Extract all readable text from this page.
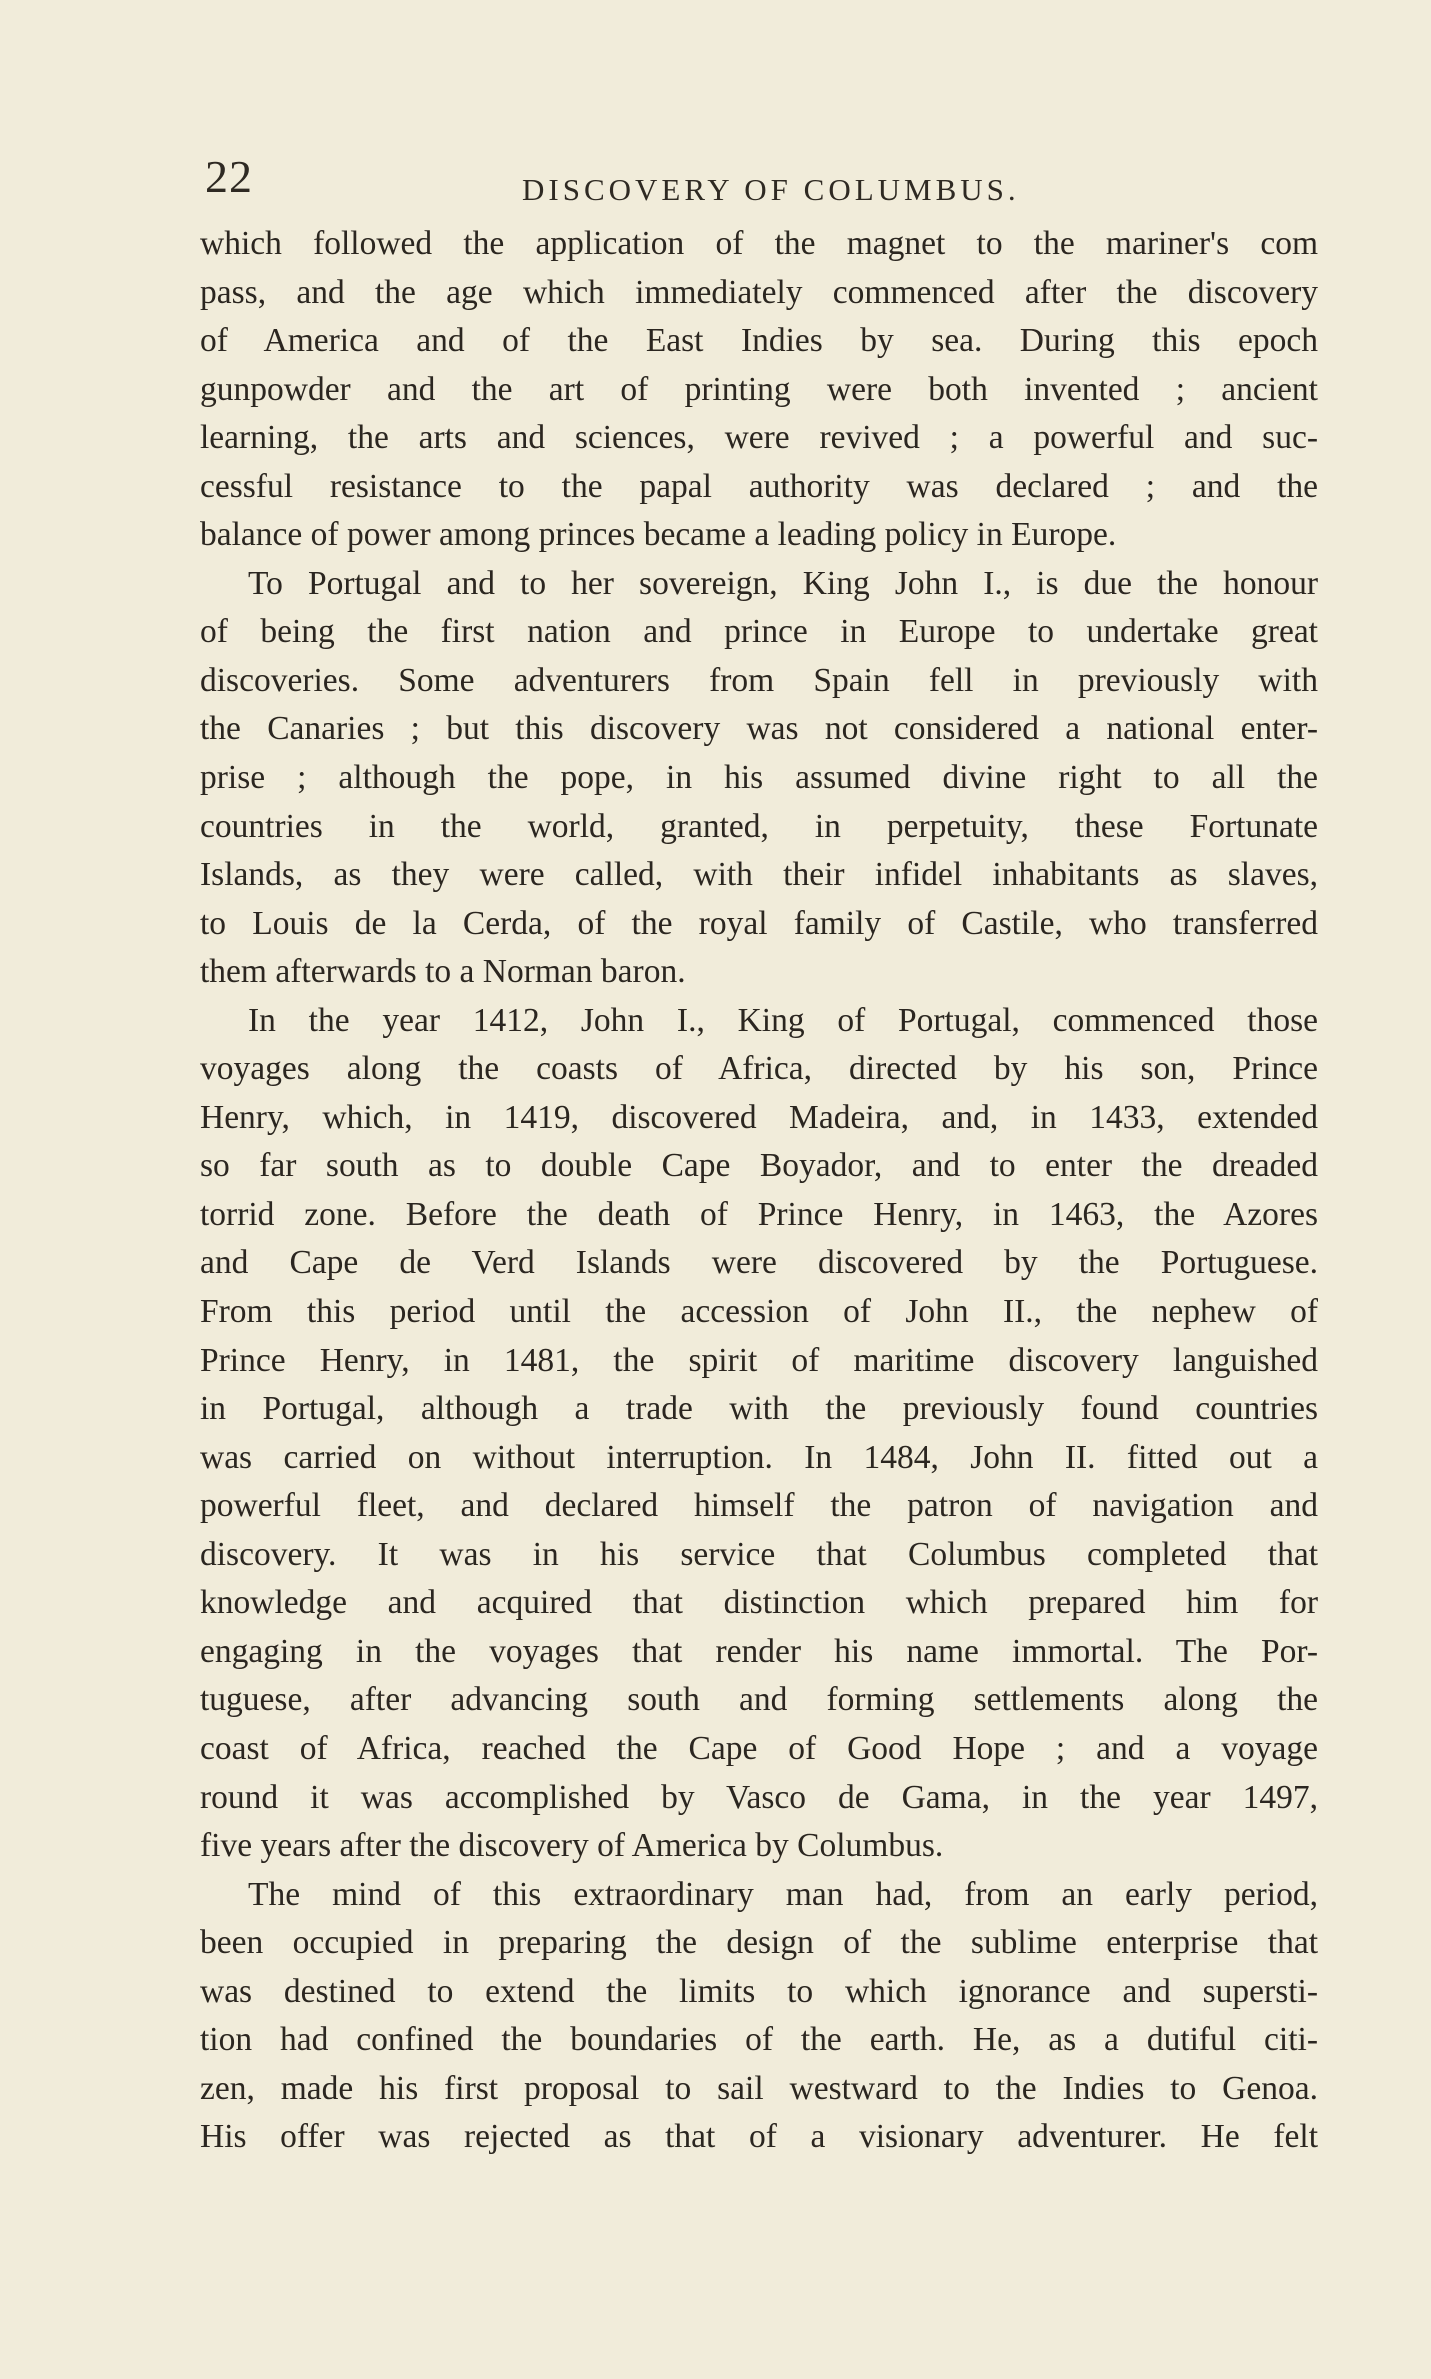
22	DISCOVERY OF COLUMBUS.
which followed the application of the magnet to the mariner's com
pass, and the age which immediately commenced after the discovery
of America and of the East Indies by sea. During this epoch
gunpowder and the art of printing were both invented ; ancient
learning, the arts and sciences, were revived ; a powerful and suc-
cessful resistance to the papal authority was declared ; and the
balance of power among princes became a leading policy in Europe.
To Portugal and to her sovereign, King John I., is due the honour
of being the first nation and prince in Europe to undertake great
discoveries. Some adventurers from Spain fell in previously with
the Canaries ; but this discovery was not considered a national enter-
prise ; although the pope, in his assumed divine right to all the
countries in the world, granted, in perpetuity, these Fortunate
Islands, as they were called, with their infidel inhabitants as slaves,
to Louis de la Cerda, of the royal family of Castile, who transferred
them afterwards to a Norman baron.
In the year 1412, John I., King of Portugal, commenced those
voyages along the coasts of Africa, directed by his son, Prince
Henry, which, in 1419, discovered Madeira, and, in 1433, extended
so far south as to double Cape Boyador, and to enter the dreaded
torrid zone. Before the death of Prince Henry, in 1463, the Azores
and Cape de Verd Islands were discovered by the Portuguese.
From this period until the accession of John II., the nephew of
Prince Henry, in 1481, the spirit of maritime discovery languished
in Portugal, although a trade with the previously found countries
was carried on without interruption. In 1484, John II. fitted out a
powerful fleet, and declared himself the patron of navigation and
discovery. It was in his service that Columbus completed that
knowledge and acquired that distinction which prepared him for
engaging in the voyages that render his name immortal. The Por-
tuguese, after advancing south and forming settlements along the
coast of Africa, reached the Cape of Good Hope ; and a voyage
round it was accomplished by Vasco de Gama, in the year 1497,
five years after the discovery of America by Columbus.
The mind of this extraordinary man had, from an early period,
been occupied in preparing the design of the sublime enterprise that
was destined to extend the limits to which ignorance and supersti-
tion had confined the boundaries of the earth. He, as a dutiful citi-
zen, made his first proposal to sail westward to the Indies to Genoa.
His offer was rejected as that of a visionary adventurer. He felt
